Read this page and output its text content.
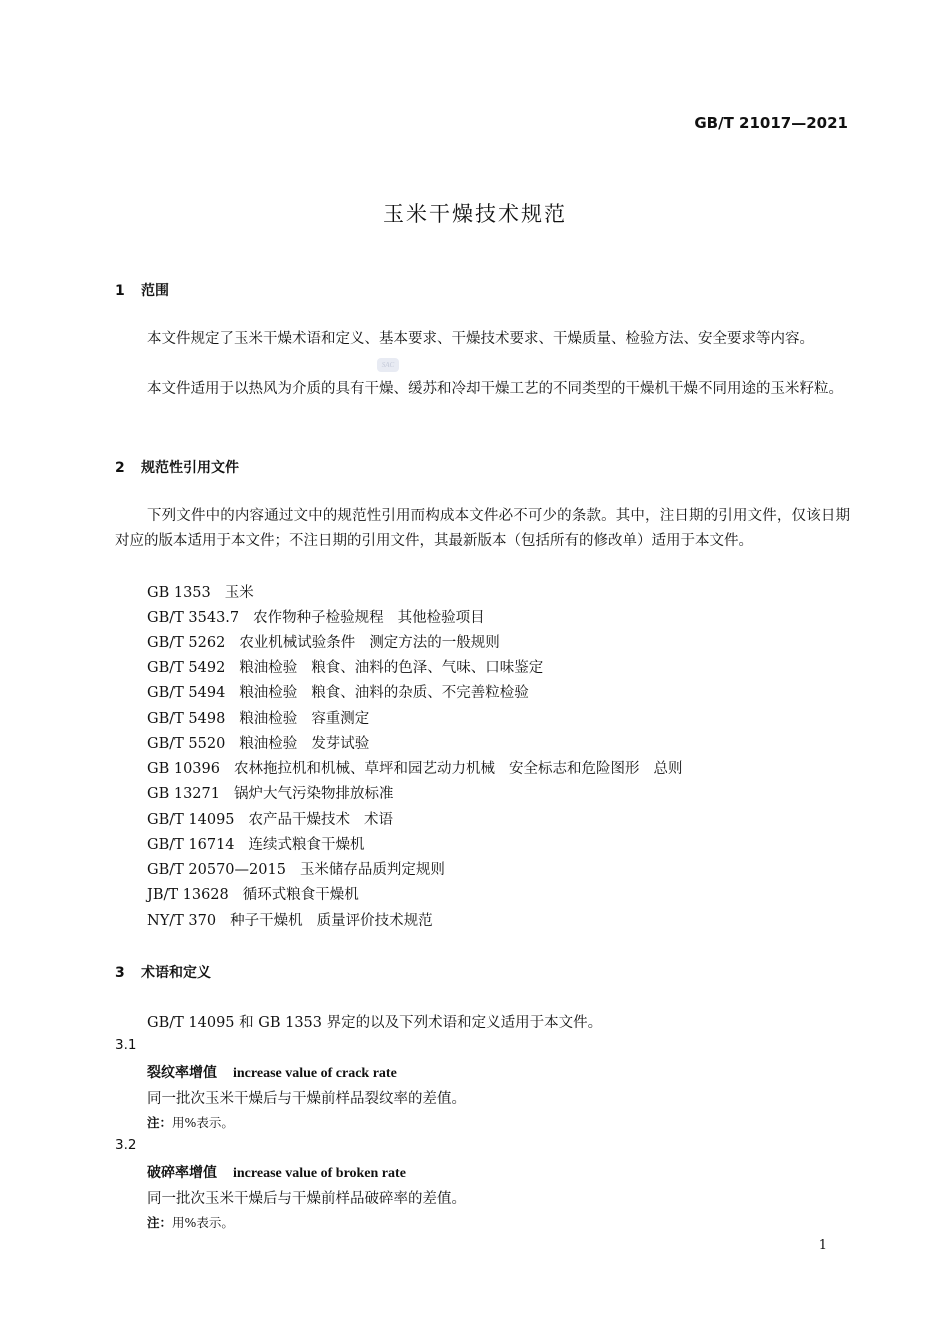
GB/T 21017—2021
玉米干燥技术规范
1 范围
本文件规定了玉米干燥术语和定义、基本要求、干燥技术要求、干燥质量、检验方法、安全要求等内容。
SAC
本文件适用于以热风为介质的具有干燥、缓苏和冷却干燥工艺的不同类型的干燥机干燥不同用途的玉米籽粒。
2 规范性引用文件
下列文件中的内容通过文中的规范性引用而构成本文件必不可少的条款。其中，注日期的引用文件，仅该日期对应的版本适用于本文件；不注日期的引用文件，其最新版本（包括所有的修改单）适用于本文件。
GB 1353 玉米
GB/T 3543.7 农作物种子检验规程 其他检验项目
GB/T 5262 农业机械试验条件 测定方法的一般规则
GB/T 5492 粮油检验 粮食、油料的色泽、气味、口味鉴定
GB/T 5494 粮油检验 粮食、油料的杂质、不完善粒检验
GB/T 5498 粮油检验 容重测定
GB/T 5520 粮油检验 发芽试验
GB 10396 农林拖拉机和机械、草坪和园艺动力机械 安全标志和危险图形 总则
GB 13271 锅炉大气污染物排放标准
GB/T 14095 农产品干燥技术 术语
GB/T 16714 连续式粮食干燥机
GB/T 20570—2015 玉米储存品质判定规则
JB/T 13628 循环式粮食干燥机
NY/T 370 种子干燥机 质量评价技术规范
3 术语和定义
GB/T 14095 和 GB 1353 界定的以及下列术语和定义适用于本文件。
3.1
裂纹率增值 increase value of crack rate
同一批次玉米干燥后与干燥前样品裂纹率的差值。
注：用%表示。
3.2
破碎率增值 increase value of broken rate
同一批次玉米干燥后与干燥前样品破碎率的差值。
注：用%表示。
1
